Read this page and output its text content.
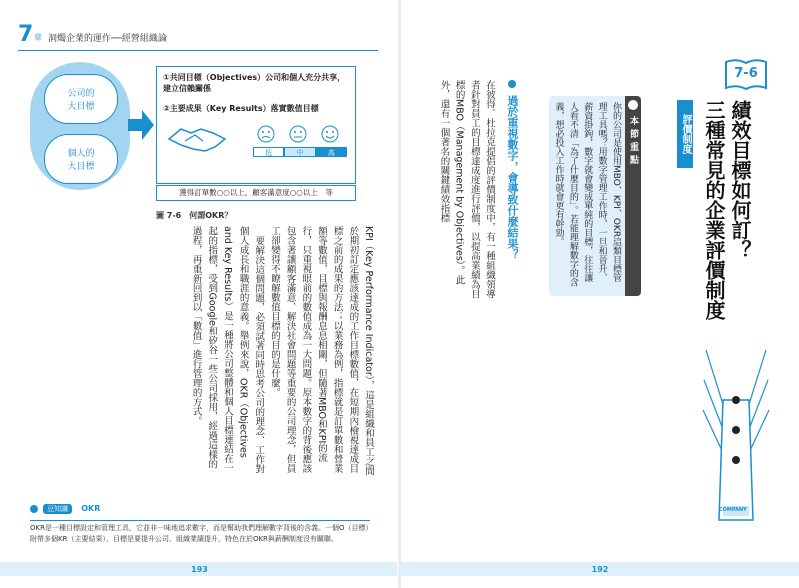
7 章 洞燭企業的運作──經營組織論
公司的
大目標
個人的
大目標
①共同目標（Objectives）公司和個人充分共享，建立信賴關係
②主要成果（Key Results）落實數值目標
低	中	高
獲得訂單數○○以上，顧客滿意度○○以上　等
圖 7-6　何謂OKR？

KPI（Key Performance Indicator），這是組織和員工之間於期初訂定應該達成的工作目標數值，在短期內檢視達成目標之前的成果的方法；以業務為例，指標就是訂單數和營業額等數值，目標與報酬息息相關，但隨著MBO和KPI的流行，只重視眼前的數值成為一大問題。原本數字的背後應該包含著讓顧客滿意、解決社會問題等重要的公司理念，但員工卻變得不瞭解數值目標的目的是什麼。

要解決這個問題，必須試著同時思考公司的理念、工作對個人成長和職涯的意義。舉例來說，OKR（Objectives and Key Results）是一種將公司整體和個人目標連結在一起的指標，受到Google和矽谷一些公司採用，經過這樣的過程，再重新回到以「數值」進行管理的方式。

豆知識 OKR
OKR是一種目標設定和管理工具，它並非一味地追求數字，而是幫助我們理解數字背後的含義。一個O（目標）附帶多個KR（主要結果），目標是要提升公司、組織業績提升，特色在於OKR與薪酬制度沒有關聯。
193
7-6
績效目標如何訂？
三種常見的企業評價制度
評價制度
本節重點
你的公司是使用MBO、KPI、OKR這類目標管理工具嗎？用數字管理工作時，一旦和晉升、薪資掛鉤，數字就會變成單純的目標，往往讓人看不清「為了什麼目的」。若能理解數字的含義，想必投入工作時就會更有幹勁。
過於重視數字，會導致什麼結果？
在彼得．杜拉克提倡的評價制度中，有一種組織領導者針對員工的目標達成度進行評價，以提高業績為目標的MBO（Management by Objectives）。此外，還有一個著名的關鍵績效指標
COMPANY
192
